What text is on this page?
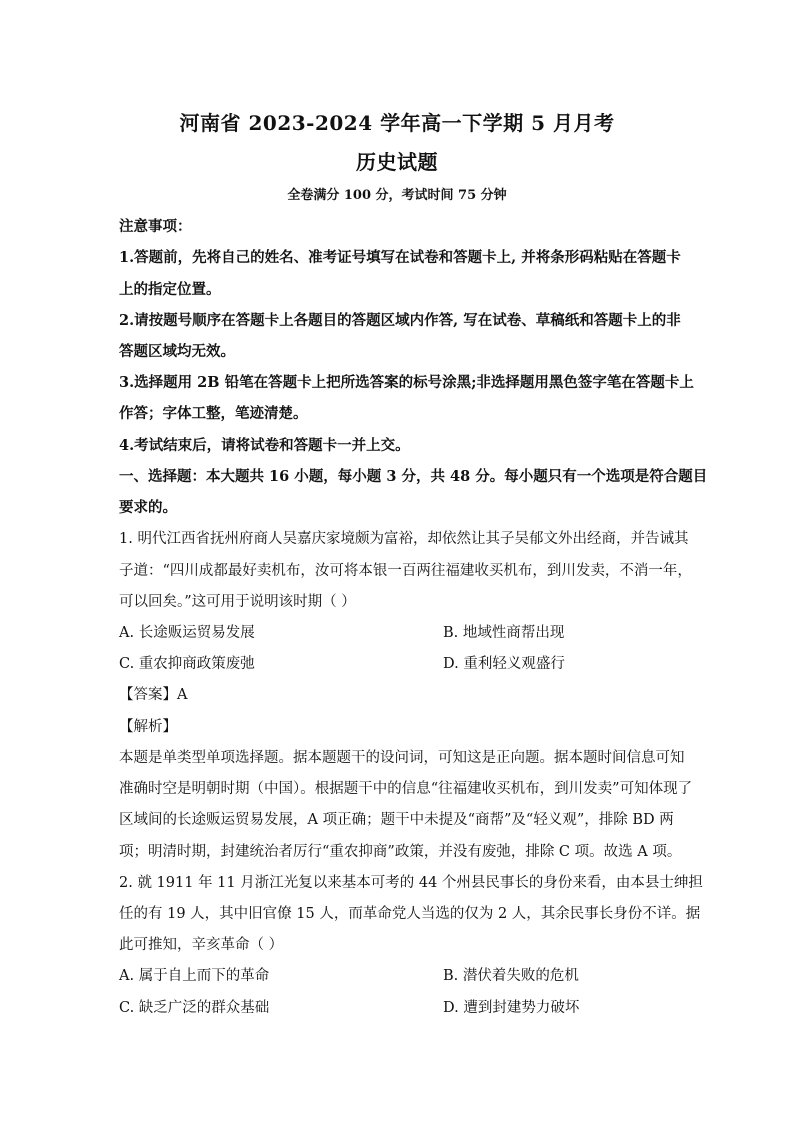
河南省 2023-2024 学年高一下学期 5 月月考
历史试题
全卷满分 100 分，考试时间 75 分钟
注意事项：
1.答题前，先将自己的姓名、准考证号填写在试卷和答题卡上, 并将条形码粘贴在答题卡
上的指定位置。
2.请按题号顺序在答题卡上各题目的答题区域内作答, 写在试卷、草稿纸和答题卡上的非
答题区域均无效。
3.选择题用 2B 铅笔在答题卡上把所选答案的标号涂黑;非选择题用黑色签字笔在答题卡上
作答；字体工整，笔迹清楚。
4.考试结束后，请将试卷和答题卡一并上交。
一、选择题：本大题共 16 小题，每小题 3 分，共 48 分。每小题只有一个选项是符合题目
要求的。
1. 明代江西省抚州府商人吴嘉庆家境颇为富裕，却依然让其子吴郁文外出经商，并告诫其
子道：“四川成都最好卖机布，汝可将本银一百两往福建收买机布，到川发卖，不消一年，
可以回矣。”这可用于说明该时期（ ）
A. 长途贩运贸易发展	B. 地域性商帮出现
C. 重农抑商政策废弛	D. 重利轻义观盛行
【答案】A
【解析】
本题是单类型单项选择题。据本题题干的设问词，可知这是正向题。据本题时间信息可知
准确时空是明朝时期（中国）。根据题干中的信息“往福建收买机布，到川发卖”可知体现了
区域间的长途贩运贸易发展，A 项正确；题干中未提及“商帮”及“轻义观”，排除 BD 两
项；明清时期，封建统治者厉行“重农抑商”政策，并没有废弛，排除 C 项。故选 A 项。
2. 就 1911 年 11 月浙江光复以来基本可考的 44 个州县民事长的身份来看，由本县士绅担
任的有 19 人，其中旧官僚 15 人，而革命党人当选的仅为 2 人，其余民事长身份不详。据
此可推知，辛亥革命（ ）
A. 属于自上而下的革命	B. 潜伏着失败的危机
C. 缺乏广泛的群众基础	D. 遭到封建势力破坏
